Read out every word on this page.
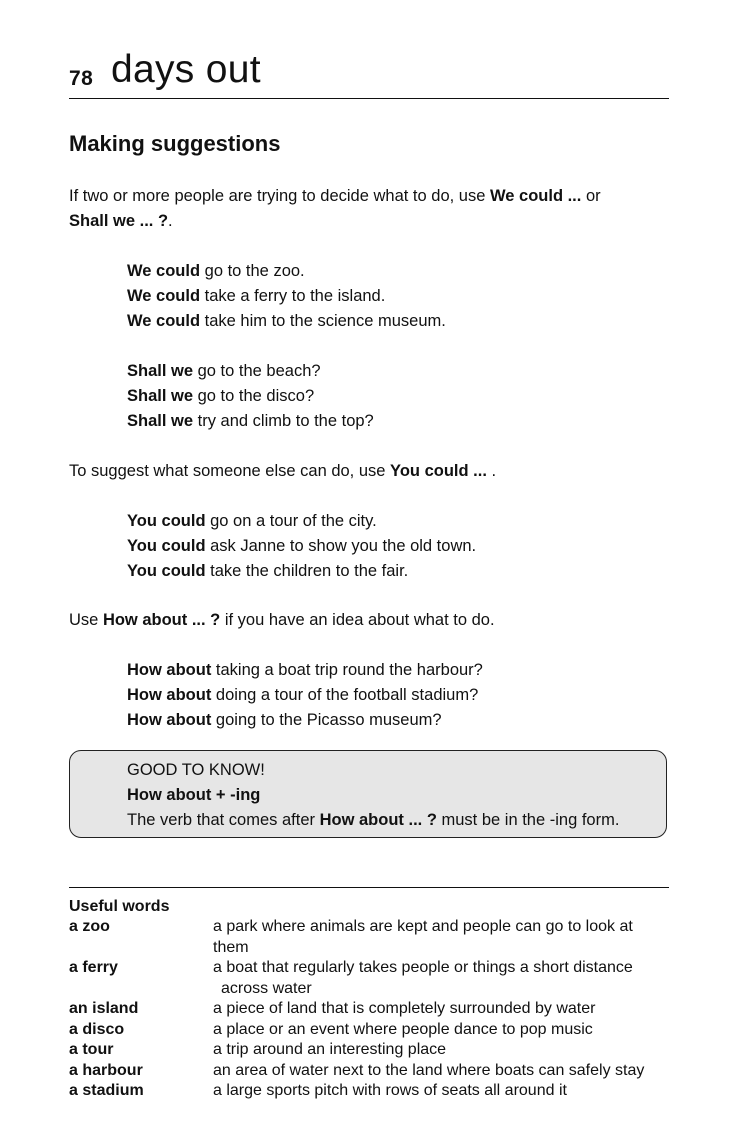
78 days out
Making suggestions
If two or more people are trying to decide what to do, use We could ... or
Shall we ... ?.
We could go to the zoo.
We could take a ferry to the island.
We could take him to the science museum.
Shall we go to the beach?
Shall we go to the disco?
Shall we try and climb to the top?
To suggest what someone else can do, use You could ... .
You could go on a tour of the city.
You could ask Janne to show you the old town.
You could take the children to the fair.
Use How about ... ? if you have an idea about what to do.
How about taking a boat trip round the harbour?
How about doing a tour of the football stadium?
How about going to the Picasso museum?
GOOD TO KNOW!
How about + -ing
The verb that comes after How about ... ? must be in the -ing form.
Useful words
a zoo	a park where animals are kept and people can go to look at them
a ferry	a boat that regularly takes people or things a short distance
across water
an island	a piece of land that is completely surrounded by water
a disco	a place or an event where people dance to pop music
a tour	a trip around an interesting place
a harbour	an area of water next to the land where boats can safely stay
a stadium	a large sports pitch with rows of seats all around it
